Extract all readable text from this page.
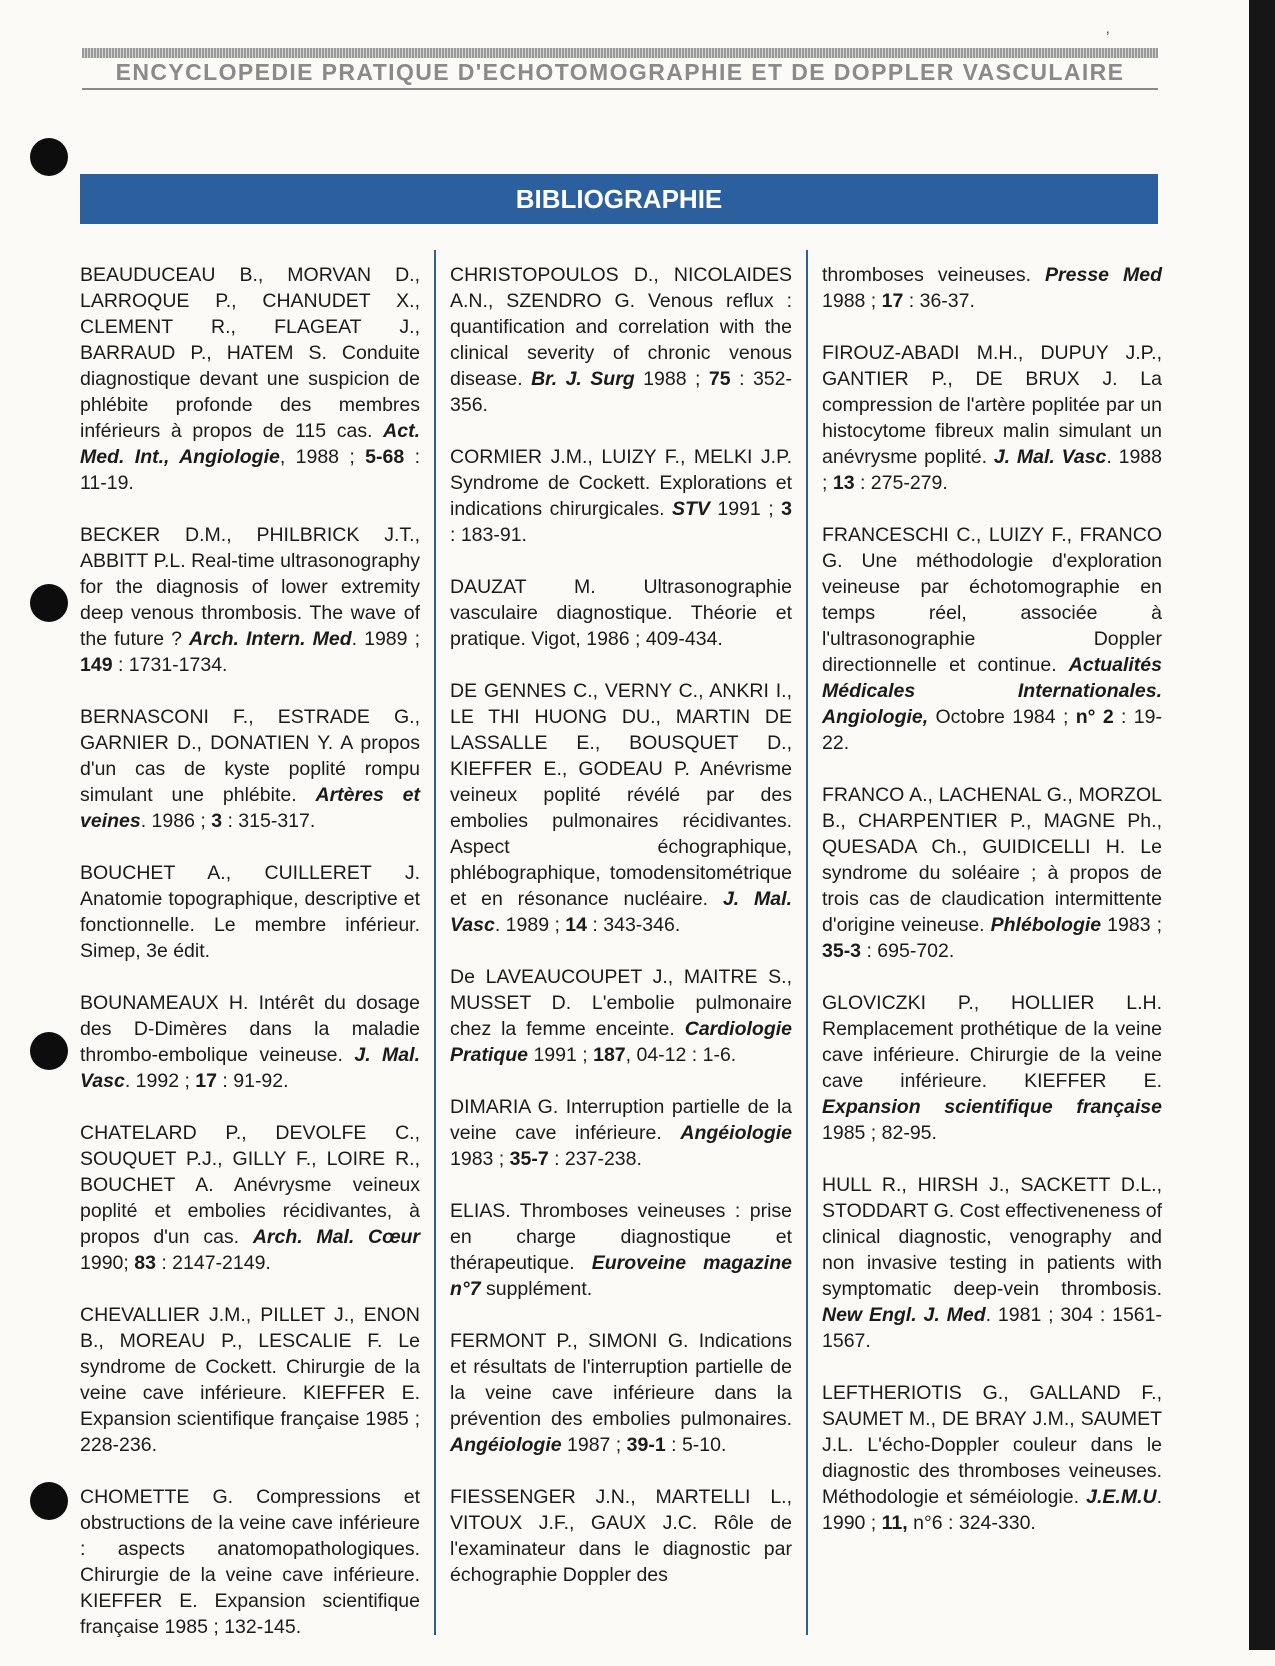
ʼ
ENCYCLOPEDIE PRATIQUE D'ECHOTOMOGRAPHIE ET DE DOPPLER VASCULAIRE
BIBLIOGRAPHIE

BEAUDUCEAU B., MORVAN D., LARROQUE P., CHANUDET X., CLEMENT R., FLAGEAT J., BARRAUD P., HATEM S. Conduite diagnostique devant une suspicion de phlébite profonde des membres inférieurs à propos de 115 cas. Act. Med. Int., Angiologie, 1988 ; 5-68 : 11-19.

BECKER D.M., PHILBRICK J.T., ABBITT P.L. Real-time ultrasonography for the diagnosis of lower extremity deep venous thrombosis. The wave of the future ? Arch. Intern. Med. 1989 ; 149 : 1731-1734.

BERNASCONI F., ESTRADE G., GARNIER D., DONATIEN Y. A propos d'un cas de kyste poplité rompu simulant une phlébite. Artères et veines. 1986 ; 3 : 315-317.

BOUCHET A., CUILLERET J. Anatomie topographique, descriptive et fonctionnelle. Le membre inférieur. Simep, 3e édit.

BOUNAMEAUX H. Intérêt du dosage des D-Dimères dans la maladie thrombo-embolique veineuse. J. Mal. Vasc. 1992 ; 17 : 91-92.

CHATELARD P., DEVOLFE C., SOUQUET P.J., GILLY F., LOIRE R., BOUCHET A. Anévrysme veineux poplité et embolies récidivantes, à propos d'un cas. Arch. Mal. Cœur 1990; 83 : 2147-2149.

CHEVALLIER J.M., PILLET J., ENON B., MOREAU P., LESCALIE F. Le syndrome de Cockett. Chirurgie de la veine cave inférieure. KIEFFER E. Expansion scientifique française 1985 ; 228-236.

CHOMETTE G. Compressions et obstructions de la veine cave inférieure : aspects anatomopathologiques. Chirurgie de la veine cave inférieure. KIEFFER E. Expansion scientifique française 1985 ; 132-145.

CHRISTOPOULOS D., NICOLAIDES A.N., SZENDRO G. Venous reflux : quantification and correlation with the clinical severity of chronic venous disease. Br. J. Surg 1988 ; 75 : 352-356.

CORMIER J.M., LUIZY F., MELKI J.P. Syndrome de Cockett. Explorations et indications chirurgicales. STV 1991 ; 3 : 183-91.

DAUZAT M. Ultrasonographie vasculaire diagnostique. Théorie et pratique. Vigot, 1986 ; 409-434.

DE GENNES C., VERNY C., ANKRI I., LE THI HUONG DU., MARTIN DE LASSALLE E., BOUSQUET D., KIEFFER E., GODEAU P. Anévrisme veineux poplité révélé par des embolies pulmonaires récidivantes. Aspect échographique, phlébographique, tomodensitométrique et en résonance nucléaire. J. Mal. Vasc. 1989 ; 14 : 343-346.

De LAVEAUCOUPET J., MAITRE S., MUSSET D. L'embolie pulmonaire chez la femme enceinte. Cardiologie Pratique 1991 ; 187, 04-12 : 1-6.

DIMARIA G. Interruption partielle de la veine cave inférieure. Angéiologie 1983 ; 35-7 : 237-238.

ELIAS. Thromboses veineuses : prise en charge diagnostique et thérapeutique. Euroveine magazine n°7 supplément.

FERMONT P., SIMONI G. Indications et résultats de l'interruption partielle de la veine cave inférieure dans la prévention des embolies pulmonaires. Angéiologie 1987 ; 39-1 : 5-10.

FIESSENGER J.N., MARTELLI L., VITOUX J.F., GAUX J.C. Rôle de l'examinateur dans le diagnostic par échographie Doppler des

thromboses veineuses. Presse Med 1988 ; 17 : 36-37.

FIROUZ-ABADI M.H., DUPUY J.P., GANTIER P., DE BRUX J. La compression de l'artère poplitée par un histocytome fibreux malin simulant un anévrysme poplité. J. Mal. Vasc. 1988 ; 13 : 275-279.

FRANCESCHI C., LUIZY F., FRANCO G. Une méthodologie d'exploration veineuse par échotomographie en temps réel, associée à l'ultrasonographie Doppler directionnelle et continue. Actualités Médicales Internationales. Angiologie, Octobre 1984 ; n° 2 : 19-22.

FRANCO A., LACHENAL G., MORZOL B., CHARPENTIER P., MAGNE Ph., QUESADA Ch., GUIDICELLI H. Le syndrome du soléaire ; à propos de trois cas de claudication intermittente d'origine veineuse. Phlébologie 1983 ; 35-3 : 695-702.

GLOVICZKI P., HOLLIER L.H. Remplacement prothétique de la veine cave inférieure. Chirurgie de la veine cave inférieure. KIEFFER E. Expansion scientifique française 1985 ; 82-95.

HULL R., HIRSH J., SACKETT D.L., STODDART G. Cost effectiveneness of clinical diagnostic, venography and non invasive testing in patients with symptomatic deep-vein thrombosis. New Engl. J. Med. 1981 ; 304 : 1561-1567.

LEFTHERIOTIS G., GALLAND F., SAUMET M., DE BRAY J.M., SAUMET J.L. L'écho-Doppler couleur dans le diagnostic des thromboses veineuses. Méthodologie et séméiologie. J.E.M.U. 1990 ; 11, n°6 : 324-330.
